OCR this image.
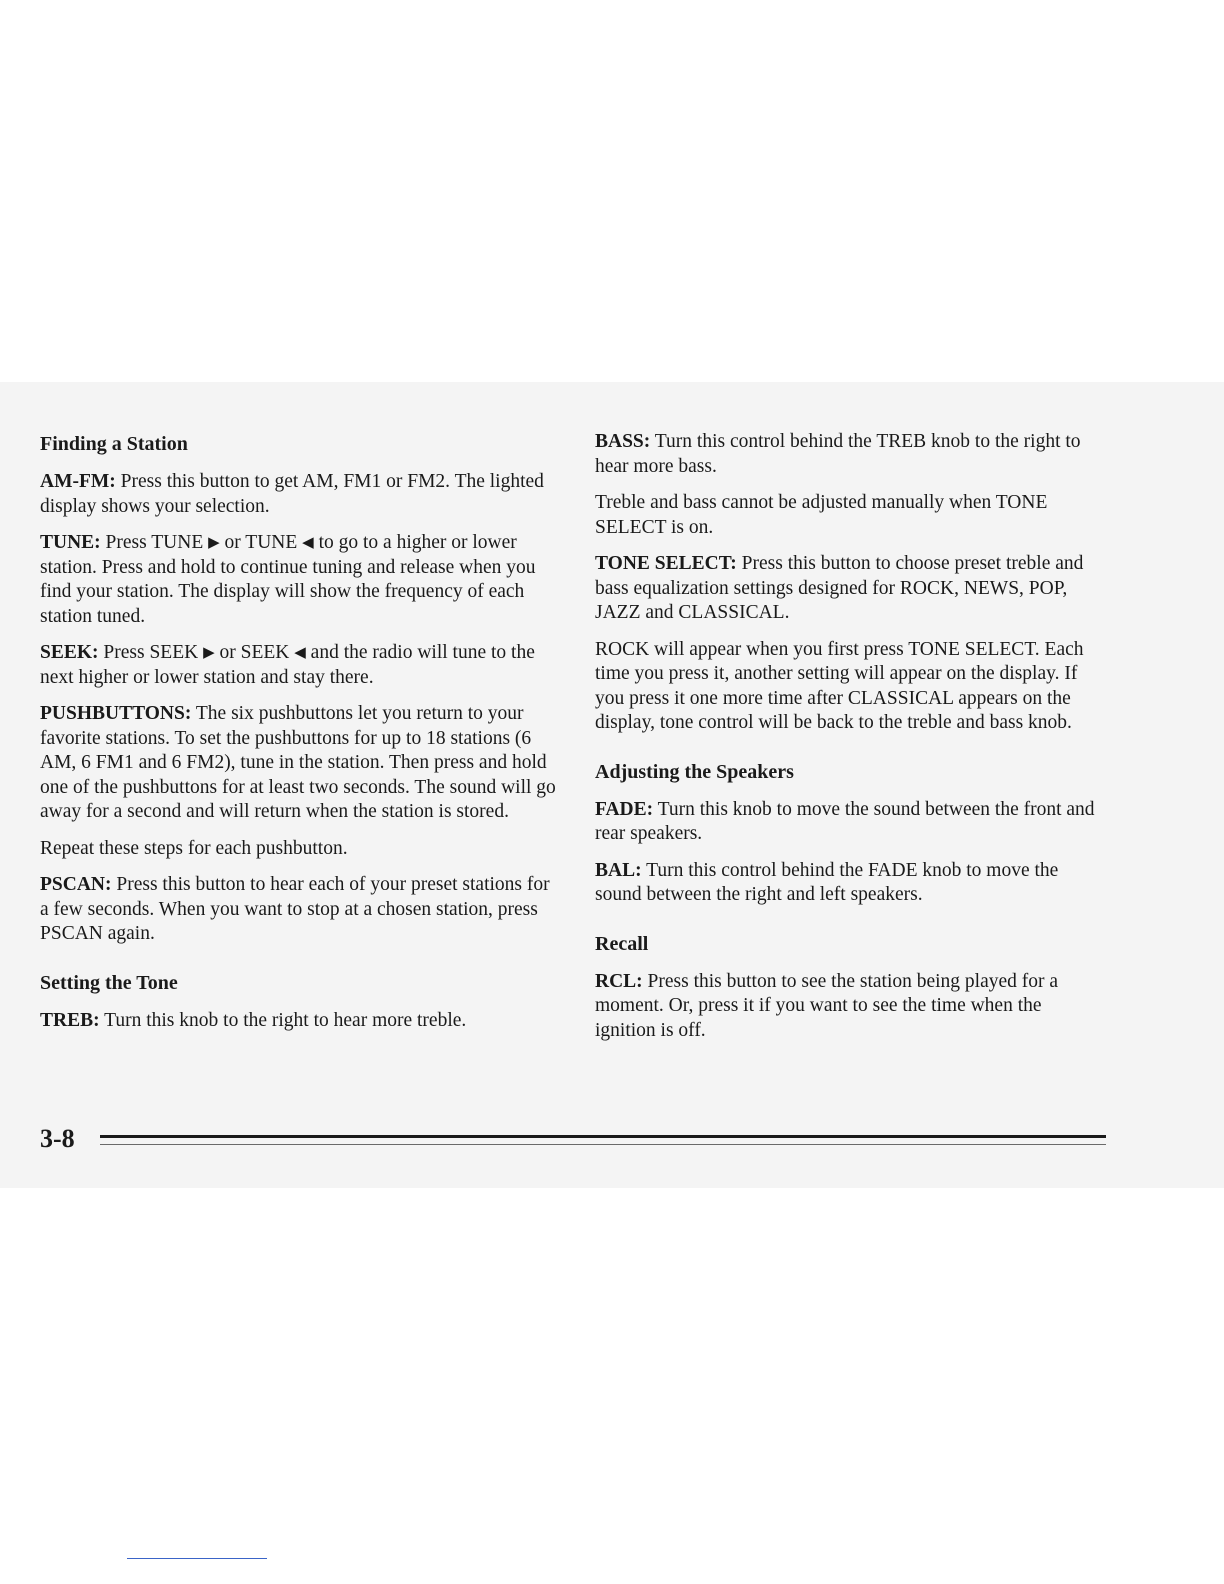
Finding a Station

AM-FM: Press this button to get AM, FM1 or FM2. The lighted display shows your selection.

TUNE: Press TUNE ▶ or TUNE ◀ to go to a higher or lower station. Press and hold to continue tuning and release when you find your station. The display will show the frequency of each station tuned.

SEEK: Press SEEK ▶ or SEEK ◀ and the radio will tune to the next higher or lower station and stay there.

PUSHBUTTONS: The six pushbuttons let you return to your favorite stations. To set the pushbuttons for up to 18 stations (6 AM, 6 FM1 and 6 FM2), tune in the station. Then press and hold one of the pushbuttons for at least two seconds. The sound will go away for a second and will return when the station is stored.

Repeat these steps for each pushbutton.

PSCAN: Press this button to hear each of your preset stations for a few seconds. When you want to stop at a chosen station, press PSCAN again.

Setting the Tone

TREB: Turn this knob to the right to hear more treble.

BASS: Turn this control behind the TREB knob to the right to hear more bass.

Treble and bass cannot be adjusted manually when TONE SELECT is on.

TONE SELECT: Press this button to choose preset treble and bass equalization settings designed for ROCK, NEWS, POP, JAZZ and CLASSICAL.

ROCK will appear when you first press TONE SELECT. Each time you press it, another setting will appear on the display. If you press it one more time after CLASSICAL appears on the display, tone control will be back to the treble and bass knob.

Adjusting the Speakers

FADE: Turn this knob to move the sound between the front and rear speakers.

BAL: Turn this control behind the FADE knob to move the sound between the right and left speakers.

Recall

RCL: Press this button to see the station being played for a moment. Or, press it if you want to see the time when the ignition is off.

3-8
